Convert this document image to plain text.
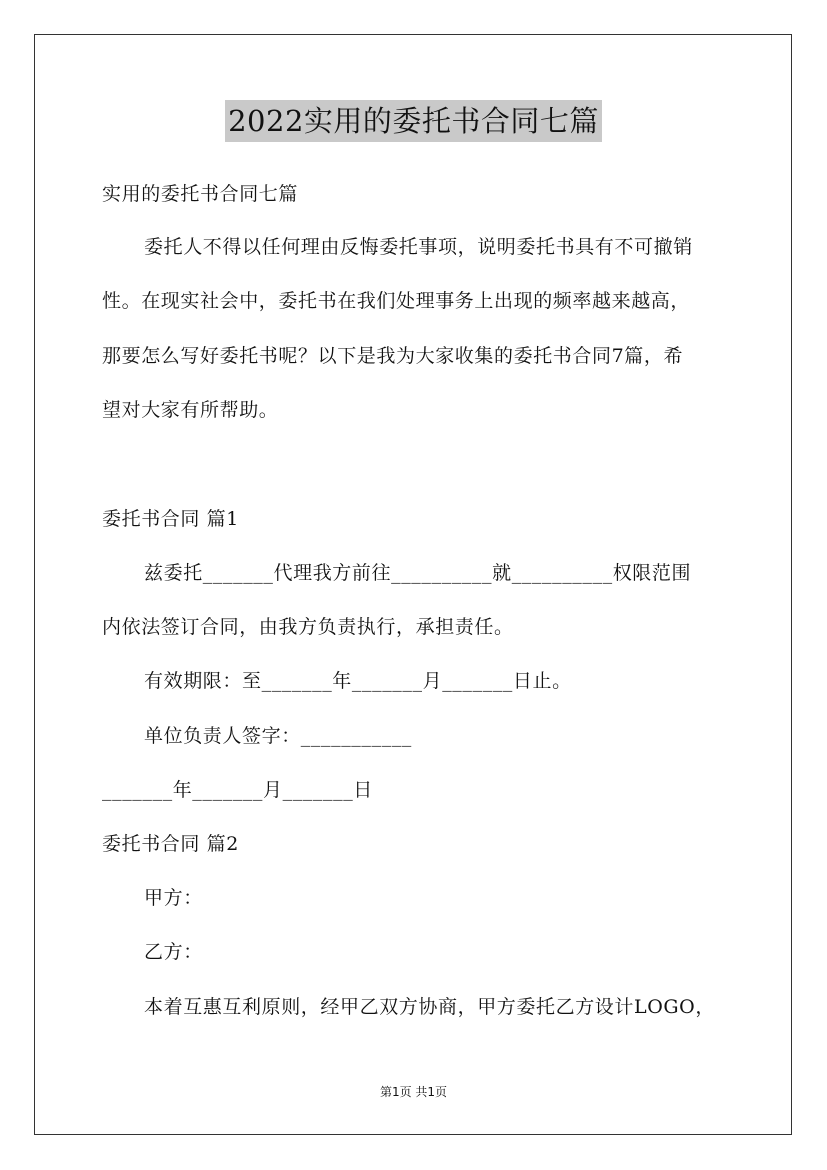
2022实用的委托书合同七篇
实用的委托书合同七篇
委托人不得以任何理由反悔委托事项，说明委托书具有不可撤销
性。在现实社会中，委托书在我们处理事务上出现的频率越来越高，
那要怎么写好委托书呢？以下是我为大家收集的委托书合同7篇，希
望对大家有所帮助。
委托书合同 篇1
兹委托_______代理我方前往__________就__________权限范围
内依法签订合同，由我方负责执行，承担责任。
有效期限：至_______年_______月_______日止。
单位负责人签字：___________
_______年_______月_______日
委托书合同 篇2
甲方：
乙方：
本着互惠互利原则，经甲乙双方协商，甲方委托乙方设计LOGO，
第1页 共1页
